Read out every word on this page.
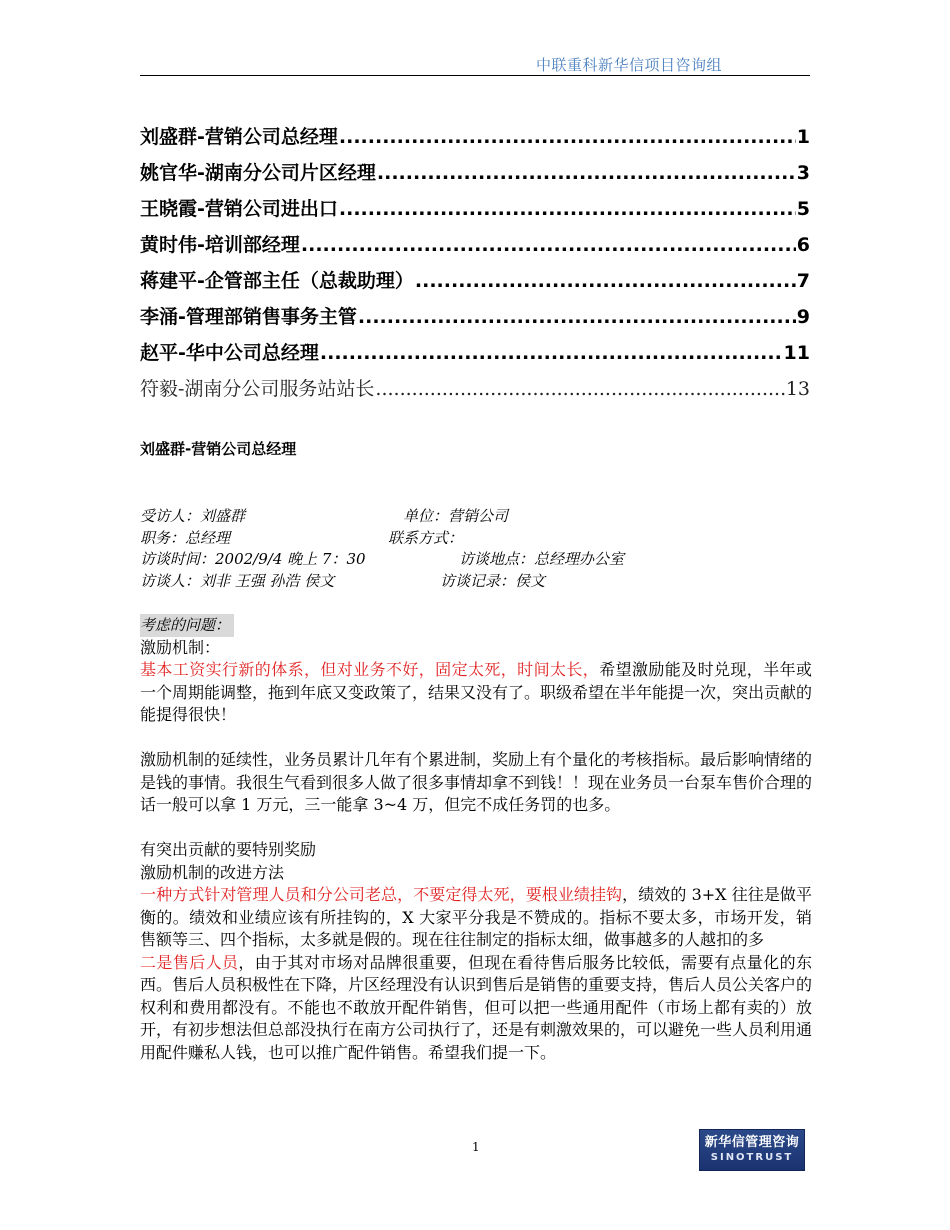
中联重科新华信项目咨询组
刘盛群-营销公司总经理 .....	1
姚官华-湖南分公司片区经理 .....	3
王晓霞-营销公司进出口 .....	5
黄时伟-培训部经理 .....	6
蒋建平-企管部主任（总裁助理） .....	7
李涌-管理部销售事务主管 .....	9
赵平-华中公司总经理 .....	11
符毅-湖南分公司服务站站长 .....	13
刘盛群-营销公司总经理
受访人：刘盛群	单位：营销公司
职务：总经理	联系方式：
访谈时间：2002/9/4 晚上 7：30	访谈地点：总经理办公室
访谈人：刘非 王强 孙浩 侯文	访谈记录：侯文

考虑的问题：

激励机制：

基本工资实行新的体系，但对业务不好，固定太死，时间太长，希望激励能及时兑现，半年或一个周期能调整，拖到年底又变政策了，结果又没有了。职级希望在半年能提一次，突出贡献的能提得很快！

激励机制的延续性，业务员累计几年有个累进制，奖励上有个量化的考核指标。最后影响情绪的是钱的事情。我很生气看到很多人做了很多事情却拿不到钱！！现在业务员一台泵车售价合理的话一般可以拿 1 万元，三一能拿 3~4 万，但完不成任务罚的也多。

有突出贡献的要特别奖励

激励机制的改进方法

一种方式针对管理人员和分公司老总，不要定得太死，要根业绩挂钩，绩效的 3+X 往往是做平衡的。绩效和业绩应该有所挂钩的，X 大家平分我是不赞成的。指标不要太多，市场开发，销售额等三、四个指标，太多就是假的。现在往往制定的指标太细，做事越多的人越扣的多

二是售后人员，由于其对市场对品牌很重要，但现在看待售后服务比较低，需要有点量化的东西。售后人员积极性在下降，片区经理没有认识到售后是销售的重要支持，售后人员公关客户的权利和费用都没有。不能也不敢放开配件销售，但可以把一些通用配件（市场上都有卖的）放开，有初步想法但总部没执行在南方公司执行了，还是有刺激效果的，可以避免一些人员利用通用配件赚私人钱，也可以推广配件销售。希望我们提一下。

1	新华信管理咨询
SINOTRUST
